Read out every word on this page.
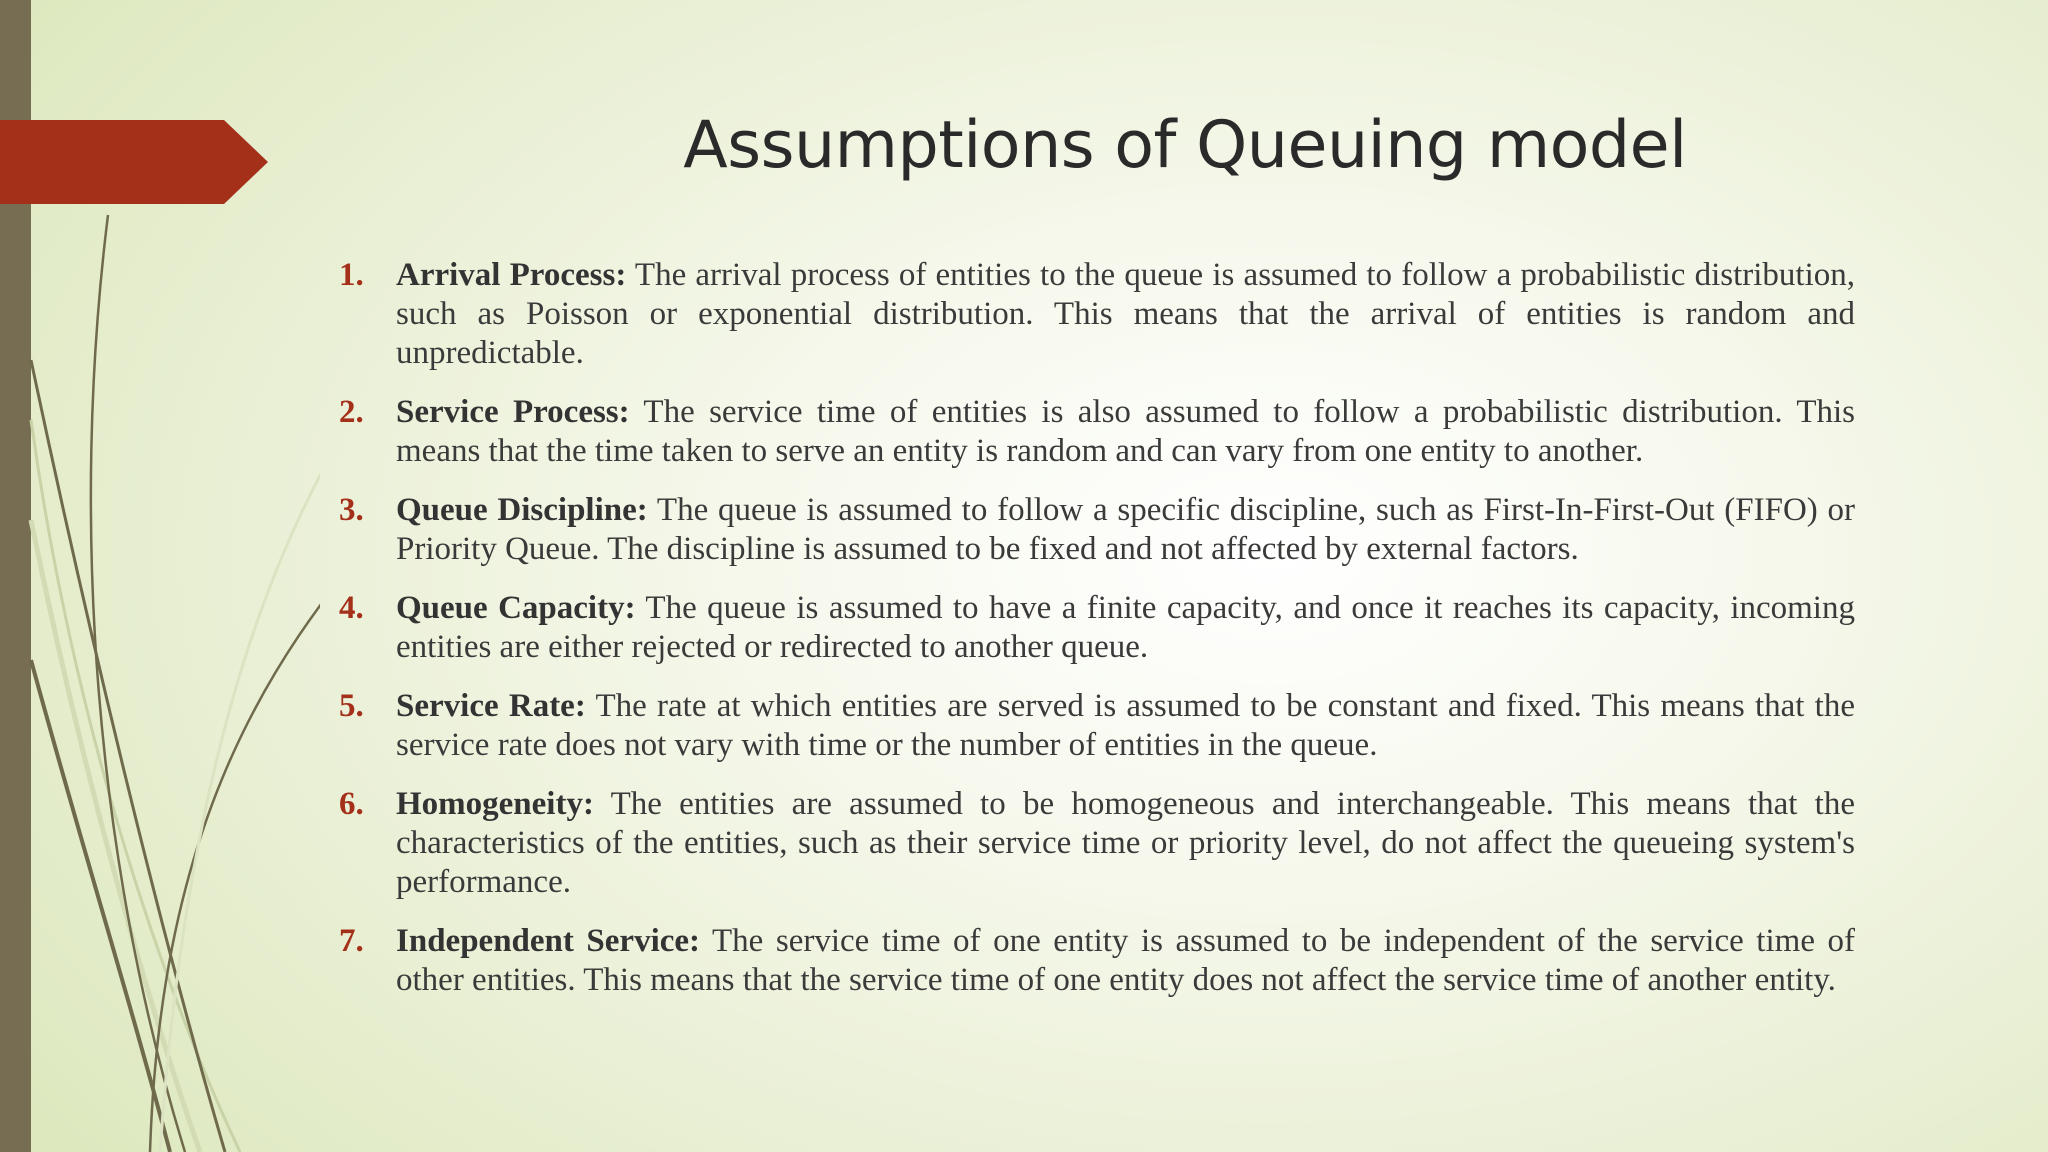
Assumptions of Queuing model
1. Arrival Process: The arrival process of entities to the queue is assumed to follow a probabilistic distribution, such as Poisson or exponential distribution. This means that the arrival of entities is random and unpredictable.
2. Service Process: The service time of entities is also assumed to follow a probabilistic distribution. This means that the time taken to serve an entity is random and can vary from one entity to another.
3. Queue Discipline: The queue is assumed to follow a specific discipline, such as First-In-First-Out (FIFO) or Priority Queue. The discipline is assumed to be fixed and not affected by external factors.
4. Queue Capacity: The queue is assumed to have a finite capacity, and once it reaches its capacity, incoming entities are either rejected or redirected to another queue.
5. Service Rate: The rate at which entities are served is assumed to be constant and fixed. This means that the service rate does not vary with time or the number of entities in the queue.
6. Homogeneity: The entities are assumed to be homogeneous and interchangeable. This means that the characteristics of the entities, such as their service time or priority level, do not affect the queueing system's performance.
7. Independent Service: The service time of one entity is assumed to be independent of the service time of other entities. This means that the service time of one entity does not affect the service time of another entity.
